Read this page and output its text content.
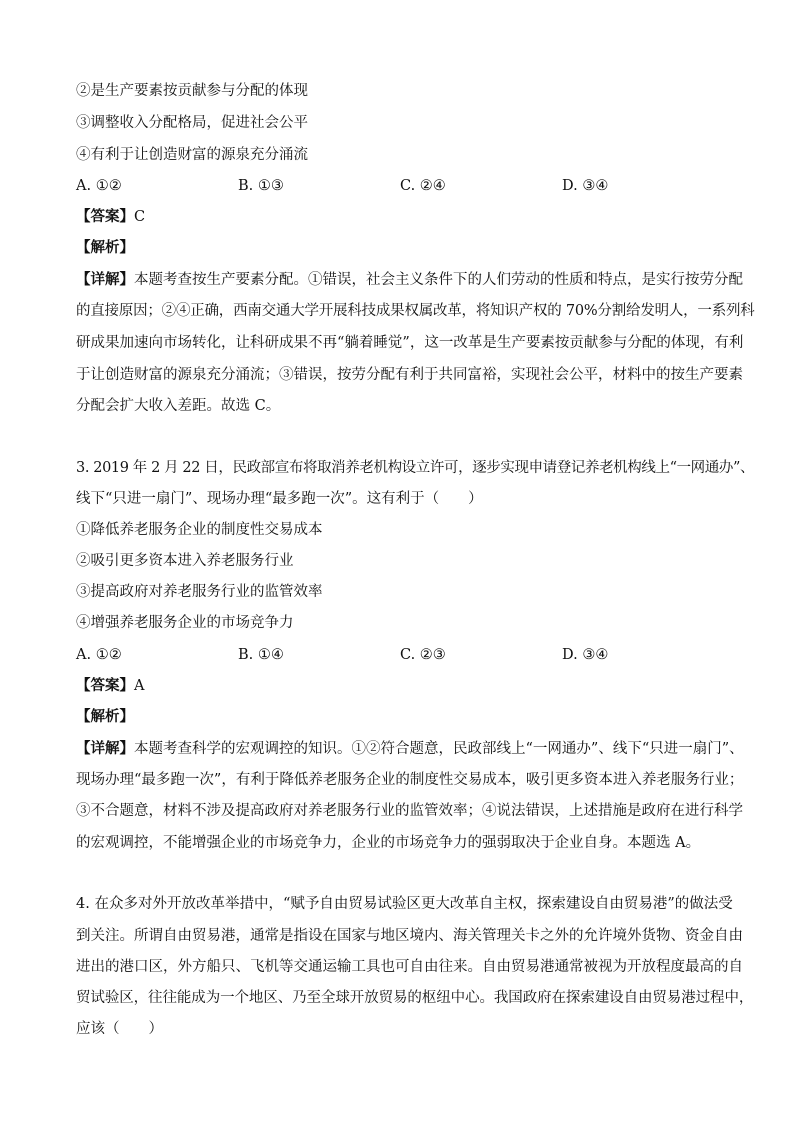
②是生产要素按贡献参与分配的体现
③调整收入分配格局，促进社会公平
④有利于让创造财富的源泉充分涌流
A. ①②	B. ①③	C. ②④	D. ③④
【答案】C
【解析】
【详解】本题考查按生产要素分配。①错误，社会主义条件下的人们劳动的性质和特点，是实行按劳分配
的直接原因；②④正确，西南交通大学开展科技成果权属改革，将知识产权的 70%分割给发明人，一系列科
研成果加速向市场转化，让科研成果不再“躺着睡觉”，这一改革是生产要素按贡献参与分配的体现，有利
于让创造财富的源泉充分涌流；③错误，按劳分配有利于共同富裕，实现社会公平，材料中的按生产要素
分配会扩大收入差距。故选 C。
3. 2019 年 2 月 22 日，民政部宣布将取消养老机构设立许可，逐步实现申请登记养老机构线上“一网通办”、
线下“只进一扇门”、现场办理“最多跑一次”。这有利于（　　）
①降低养老服务企业的制度性交易成本
②吸引更多资本进入养老服务行业
③提高政府对养老服务行业的监管效率
④增强养老服务企业的市场竞争力
A. ①②	B. ①④	C. ②③	D. ③④
【答案】A
【解析】
【详解】本题考查科学的宏观调控的知识。①②符合题意，民政部线上“一网通办”、线下“只进一扇门”、
现场办理“最多跑一次”，有利于降低养老服务企业的制度性交易成本，吸引更多资本进入养老服务行业；
③不合题意，材料不涉及提高政府对养老服务行业的监管效率；④说法错误，上述措施是政府在进行科学
的宏观调控，不能增强企业的市场竞争力，企业的市场竞争力的强弱取决于企业自身。本题选 A。
4. 在众多对外开放改革举措中，“赋予自由贸易试验区更大改革自主权，探索建设自由贸易港”的做法受
到关注。所谓自由贸易港，通常是指设在国家与地区境内、海关管理关卡之外的允许境外货物、资金自由
进出的港口区，外方船只、飞机等交通运输工具也可自由往来。自由贸易港通常被视为开放程度最高的自
贸试验区，往往能成为一个地区、乃至全球开放贸易的枢纽中心。我国政府在探索建设自由贸易港过程中，
应该（　　）
